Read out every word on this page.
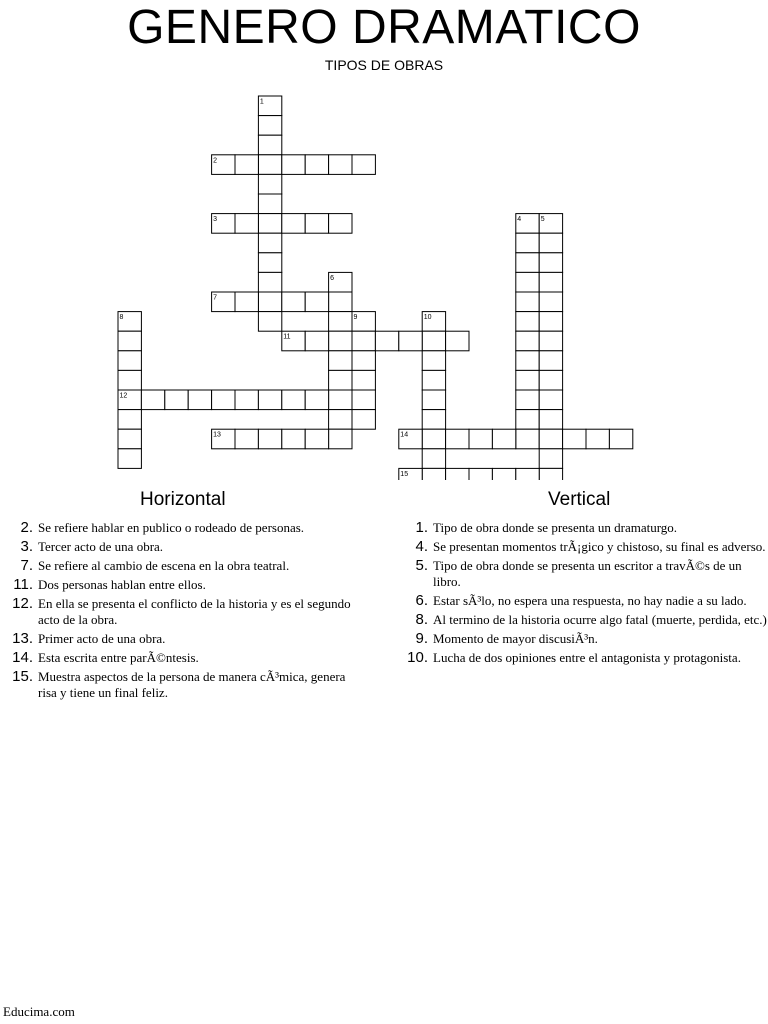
GENERO DRAMATICO
TIPOS DE OBRAS
1
2
3	4	5
6
7
8	9	10
11
12
13	14
15
Horizontal
2. Se refiere hablar en publico o rodeado de personas.
3. Tercer acto de una obra.
7. Se refiere al cambio de escena en la obra teatral.
11. Dos personas hablan entre ellos.
12. En ella se presenta el conflicto de la historia y es el segundo acto de la obra.
13. Primer acto de una obra.
14. Esta escrita entre parÃ©ntesis.
15. Muestra aspectos de la persona de manera cÃ³mica, genera risa y tiene un final feliz.
Vertical
1. Tipo de obra donde se presenta un dramaturgo.
4. Se presentan momentos trÃ¡gico y chistoso, su final es adverso.
5. Tipo de obra donde se presenta un escritor a travÃ©s de un libro.
6. Estar sÃ³lo, no espera una respuesta, no hay nadie a su lado.
8. Al termino de la historia ocurre algo fatal (muerte, perdida, etc.)
9. Momento de mayor discusiÃ³n.
10. Lucha de dos opiniones entre el antagonista y protagonista.
Educima.com
